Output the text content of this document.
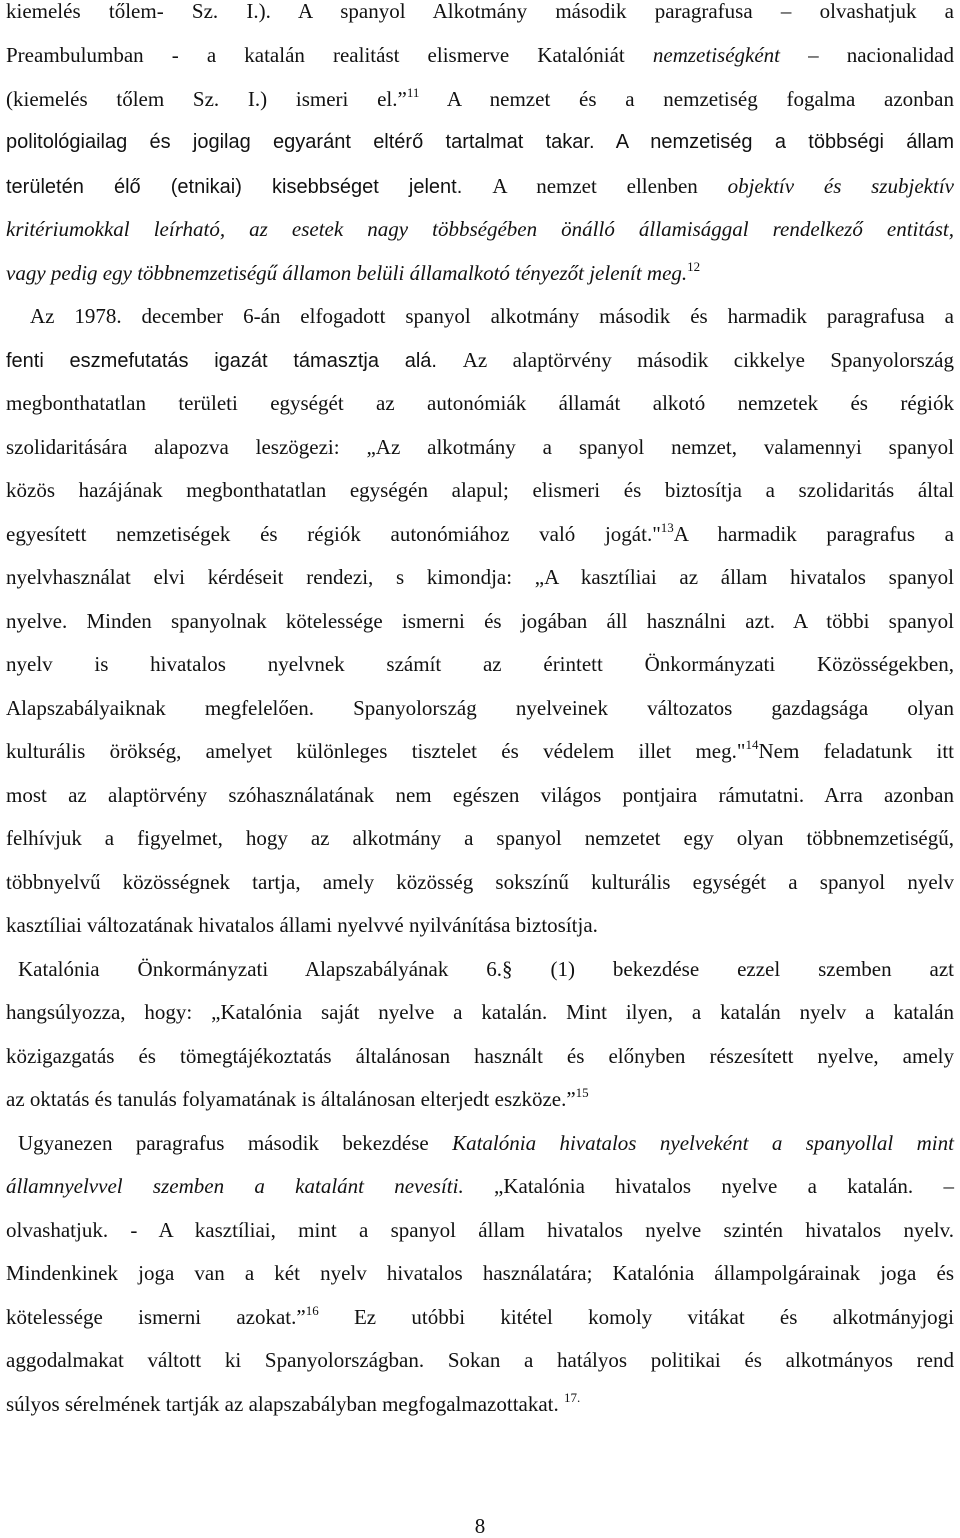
kiemelés tőlem- Sz. I.). A spanyol Alkotmány második paragrafusa – olvashatjuk a
Preambulumban - a katalán realitást elismerve Katalóniát nemzetiségként – nacionalidad
(kiemelés tőlem Sz. I.) ismeri el.”$^{11}$ A nemzet és a nemzetiség fogalma azonban
politológiailag és jogilag egyaránt eltérő tartalmat takar. A nemzetiség a többségi állam
területén élő (etnikai) kisebbséget jelent. A nemzet ellenben objektív és szubjektív
kritériumokkal leírható, az esetek nagy többségében önálló államisággal rendelkező entitást,
vagy pedig egy többnemzetiségű államon belüli államalkotó tényezőt jelenít meg.$^{12}$
Az 1978. december 6-án elfogadott spanyol alkotmány második és harmadik paragrafusa a
fenti eszmefutatás igazát támasztja alá. Az alaptörvény második cikkelye Spanyolország
megbonthatatlan területi egységét az autonómiák államát alkotó nemzetek és régiók
szolidaritására alapozva leszögezi: „Az alkotmány a spanyol nemzet, valamennyi spanyol
közös hazájának megbonthatatlan egységén alapul; elismeri és biztosítja a szolidaritás által
egyesített nemzetiségek és régiók autonómiához való jogát."$^{13}$A harmadik paragrafus a
nyelvhasználat elvi kérdéseit rendezi, s kimondja: „A kasztíliai az állam hivatalos spanyol
nyelve. Minden spanyolnak kötelessége ismerni és jogában áll használni azt. A többi spanyol
nyelv is hivatalos nyelvnek számít az érintett Önkormányzati Közösségekben,
Alapszabályaiknak megfelelően. Spanyolország nyelveinek változatos gazdagsága olyan
kulturális örökség, amelyet különleges tisztelet és védelem illet meg."$^{14}$Nem feladatunk itt
most az alaptörvény szóhasználatának nem egészen világos pontjaira rámutatni. Arra azonban
felhívjuk a figyelmet, hogy az alkotmány a spanyol nemzetet egy olyan többnemzetiségű,
többnyelvű közösségnek tartja, amely közösség sokszínű kulturális egységét a spanyol nyelv
kasztíliai változatának hivatalos állami nyelvvé nyilvánítása biztosítja.
Katalónia Önkormányzati Alapszabályának 6.§ (1) bekezdése ezzel szemben azt
hangsúlyozza, hogy: „Katalónia saját nyelve a katalán. Mint ilyen, a katalán nyelv a katalán
közigazgatás és tömegtájékoztatás általánosan használt és előnyben részesített nyelve, amely
az oktatás és tanulás folyamatának is általánosan elterjedt eszköze.”$^{15}$
Ugyanezen paragrafus második bekezdése Katalónia hivatalos nyelveként a spanyollal mint
államnyelvvel szemben a katalánt nevesíti. „Katalónia hivatalos nyelve a katalán. –
olvashatjuk. - A kasztíliai, mint a spanyol állam hivatalos nyelve szintén hivatalos nyelv.
Mindenkinek joga van a két nyelv hivatalos használatára; Katalónia állampolgárainak joga és
kötelessége ismerni azokat.”$^{16}$ Ez utóbbi kitétel komoly vitákat és alkotmányjogi
aggodalmakat váltott ki Spanyolországban. Sokan a hatályos politikai és alkotmányos rend
súlyos sérelmének tartják az alapszabályban megfogalmazottakat. $^{17.}$
8
